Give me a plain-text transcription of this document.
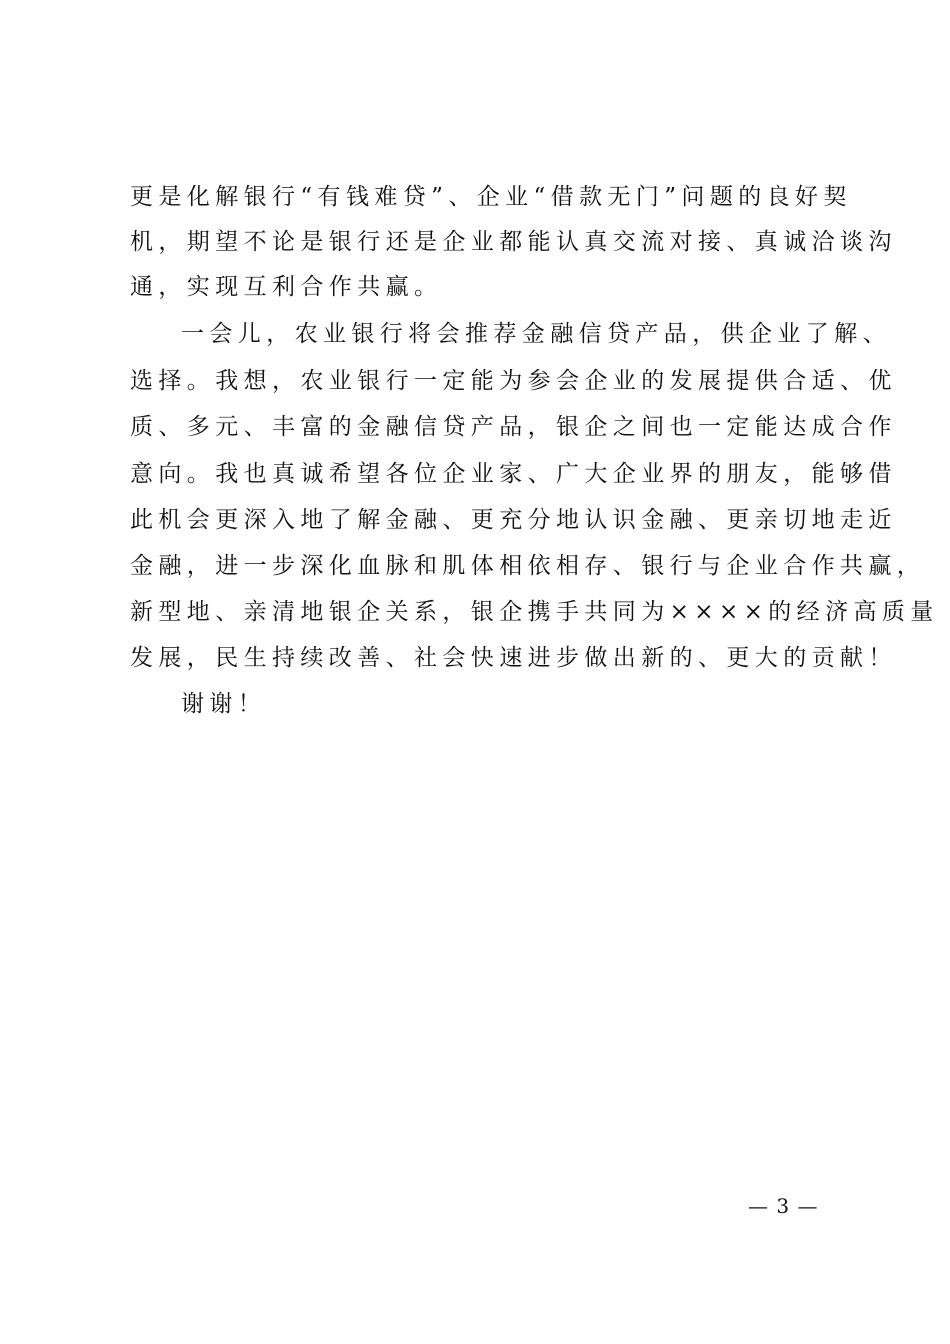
更是化解银行“有钱难贷”、企业“借款无门”问题的良好契
机，期望不论是银行还是企业都能认真交流对接、真诚洽谈沟
通，实现互利合作共赢。
一会儿，农业银行将会推荐金融信贷产品，供企业了解、
选择。我想，农业银行一定能为参会企业的发展提供合适、优
质、多元、丰富的金融信贷产品，银企之间也一定能达成合作
意向。我也真诚希望各位企业家、广大企业界的朋友，能够借
此机会更深入地了解金融、更充分地认识金融、更亲切地走近
金融，进一步深化血脉和肌体相依相存、银行与企业合作共赢，
新型地、亲清地银企关系，银企携手共同为××××的经济高质量
发展，民生持续改善、社会快速进步做出新的、更大的贡献！
谢谢！
— 3 —
